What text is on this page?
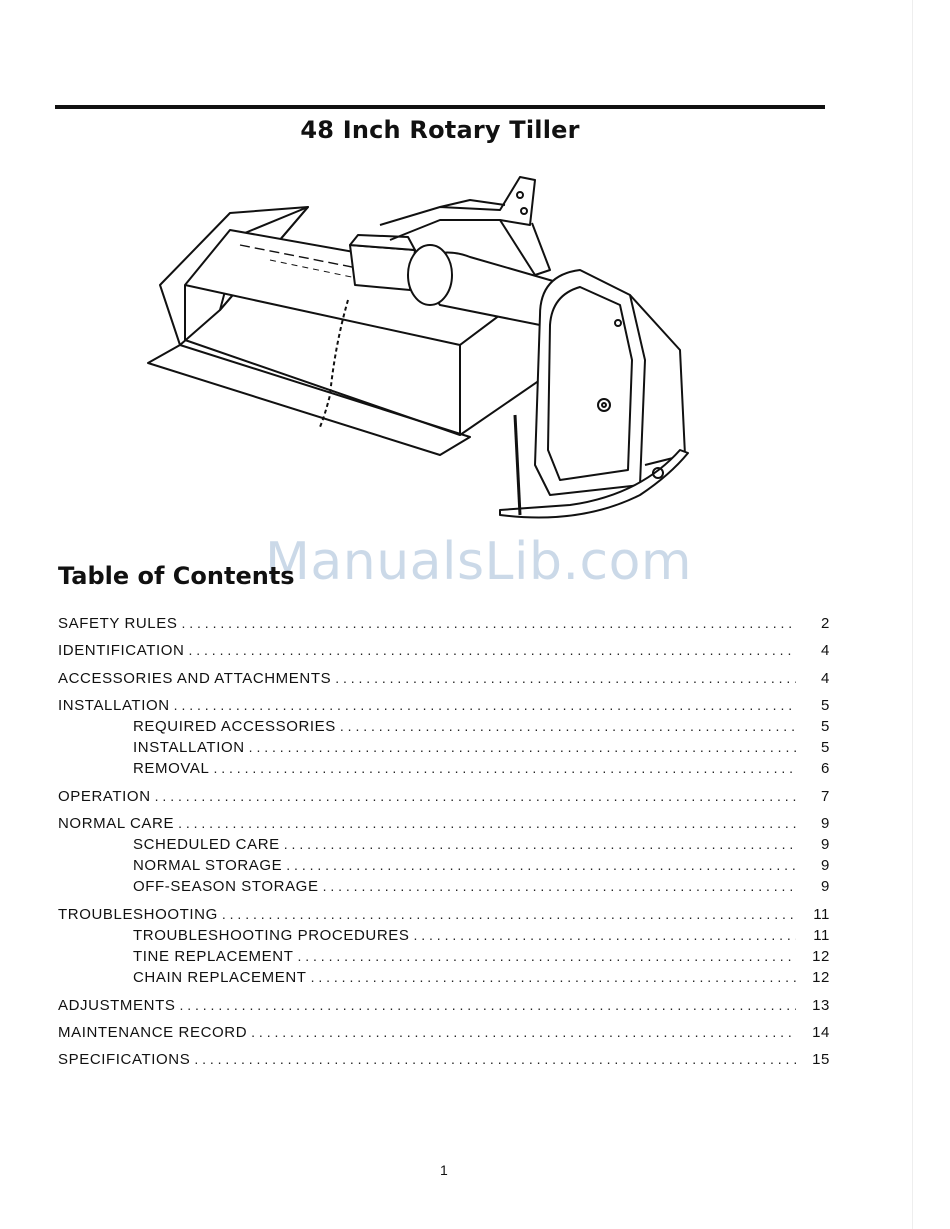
48 Inch Rotary Tiller
ManualsLib.com
Table of Contents
SAFETY RULES . . .	2
IDENTIFICATION . . .	4
ACCESSORIES AND ATTACHMENTS . . .	4
INSTALLATION . . .	5
REQUIRED ACCESSORIES . . .	5
INSTALLATION . . .	5
REMOVAL . . .	6
OPERATION . . .	7
NORMAL CARE . . .	9
SCHEDULED CARE . . .	9
NORMAL STORAGE . . .	9
OFF-SEASON STORAGE . . .	9
TROUBLESHOOTING . . .	11
TROUBLESHOOTING PROCEDURES . . .	11
TINE REPLACEMENT . . .	12
CHAIN REPLACEMENT . . .	12
ADJUSTMENTS . . .	13
MAINTENANCE RECORD . . .	14
SPECIFICATIONS . . .	15
1
